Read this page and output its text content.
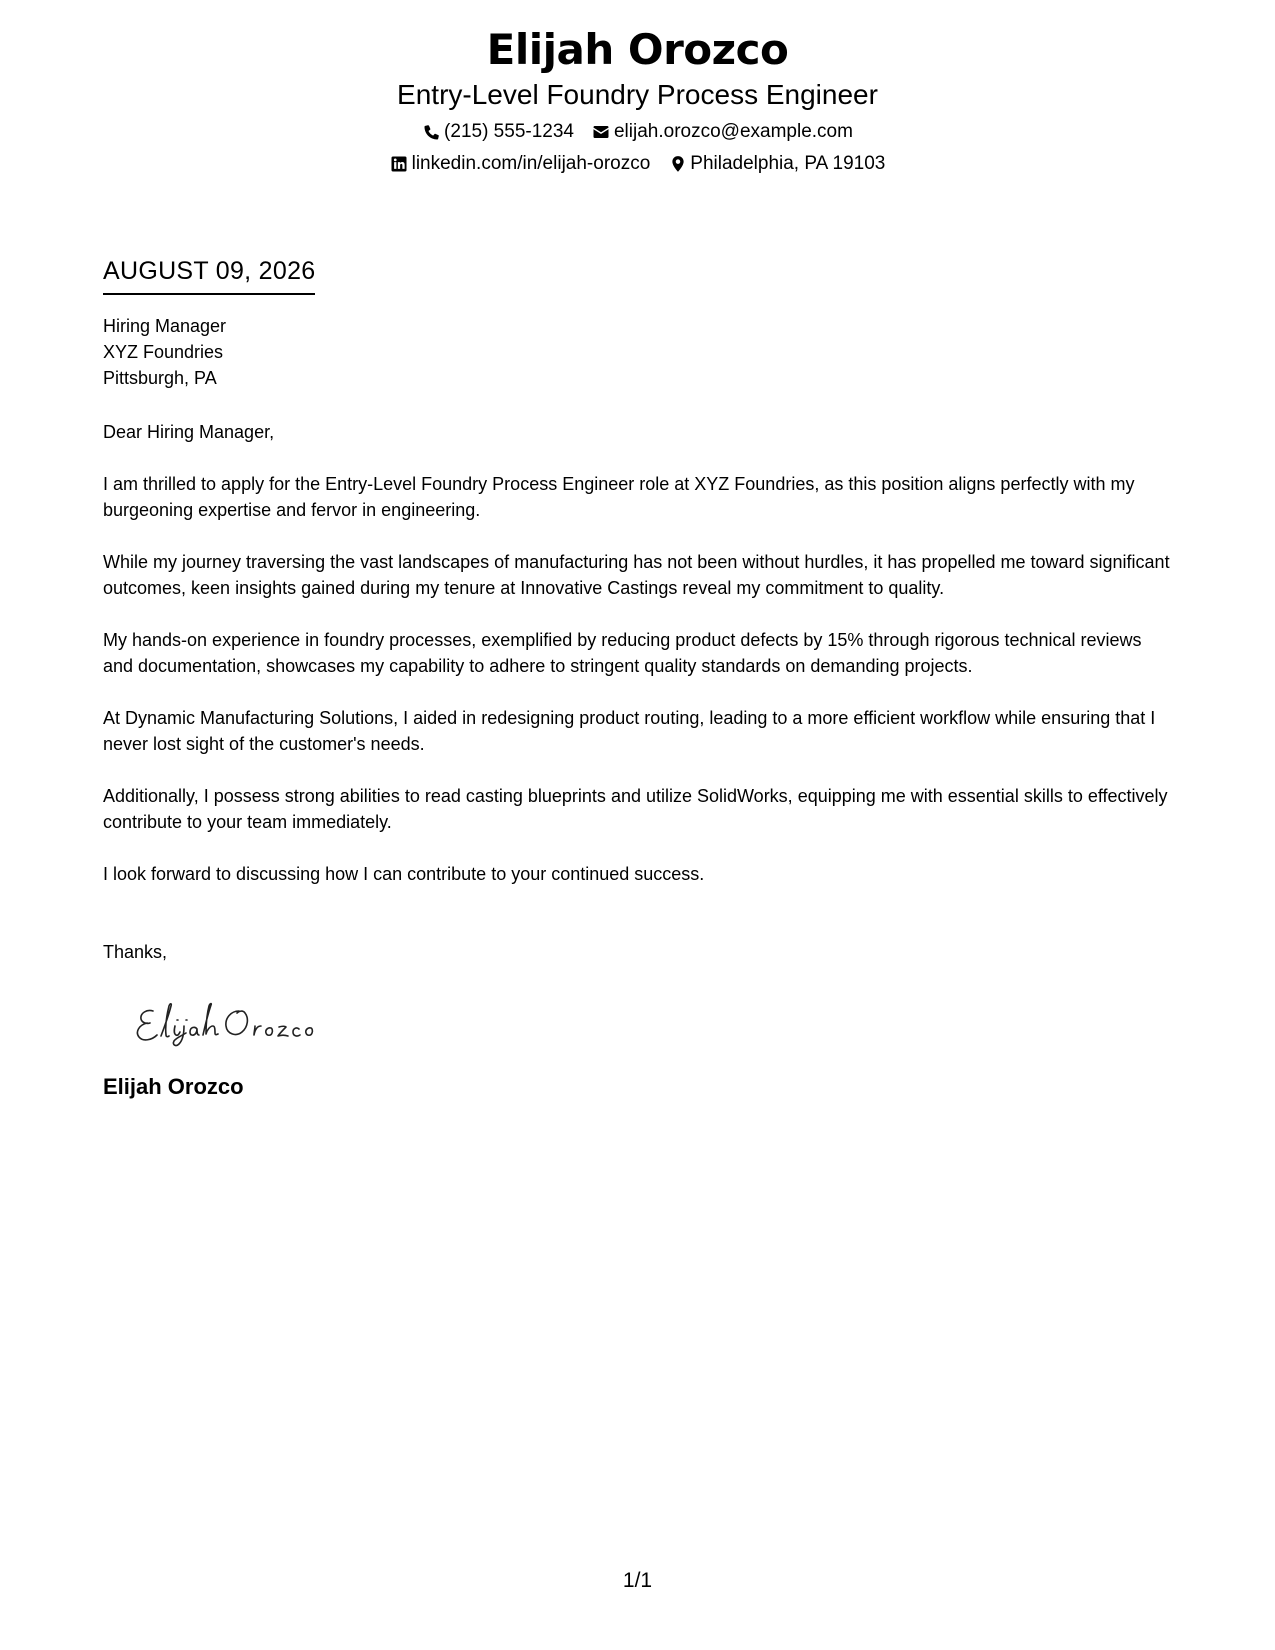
Elijah Orozco
Entry-Level Foundry Process Engineer
(215) 555-1234 elijah.orozco@example.com
linkedin.com/in/elijah-orozco Philadelphia, PA 19103
AUGUST 09, 2026
Hiring Manager
XYZ Foundries
Pittsburgh, PA
Dear Hiring Manager,
I am thrilled to apply for the Entry-Level Foundry Process Engineer role at XYZ Foundries, as this position aligns perfectly with my burgeoning expertise and fervor in engineering.
While my journey traversing the vast landscapes of manufacturing has not been without hurdles, it has propelled me toward significant outcomes, keen insights gained during my tenure at Innovative Castings reveal my commitment to quality.
My hands-on experience in foundry processes, exemplified by reducing product defects by 15% through rigorous technical reviews and documentation, showcases my capability to adhere to stringent quality standards on demanding projects.
At Dynamic Manufacturing Solutions, I aided in redesigning product routing, leading to a more efficient workflow while ensuring that I never lost sight of the customer's needs.
Additionally, I possess strong abilities to read casting blueprints and utilize SolidWorks, equipping me with essential skills to effectively contribute to your team immediately.
I look forward to discussing how I can contribute to your continued success.
Thanks,
Elijah Orozco
1/1
